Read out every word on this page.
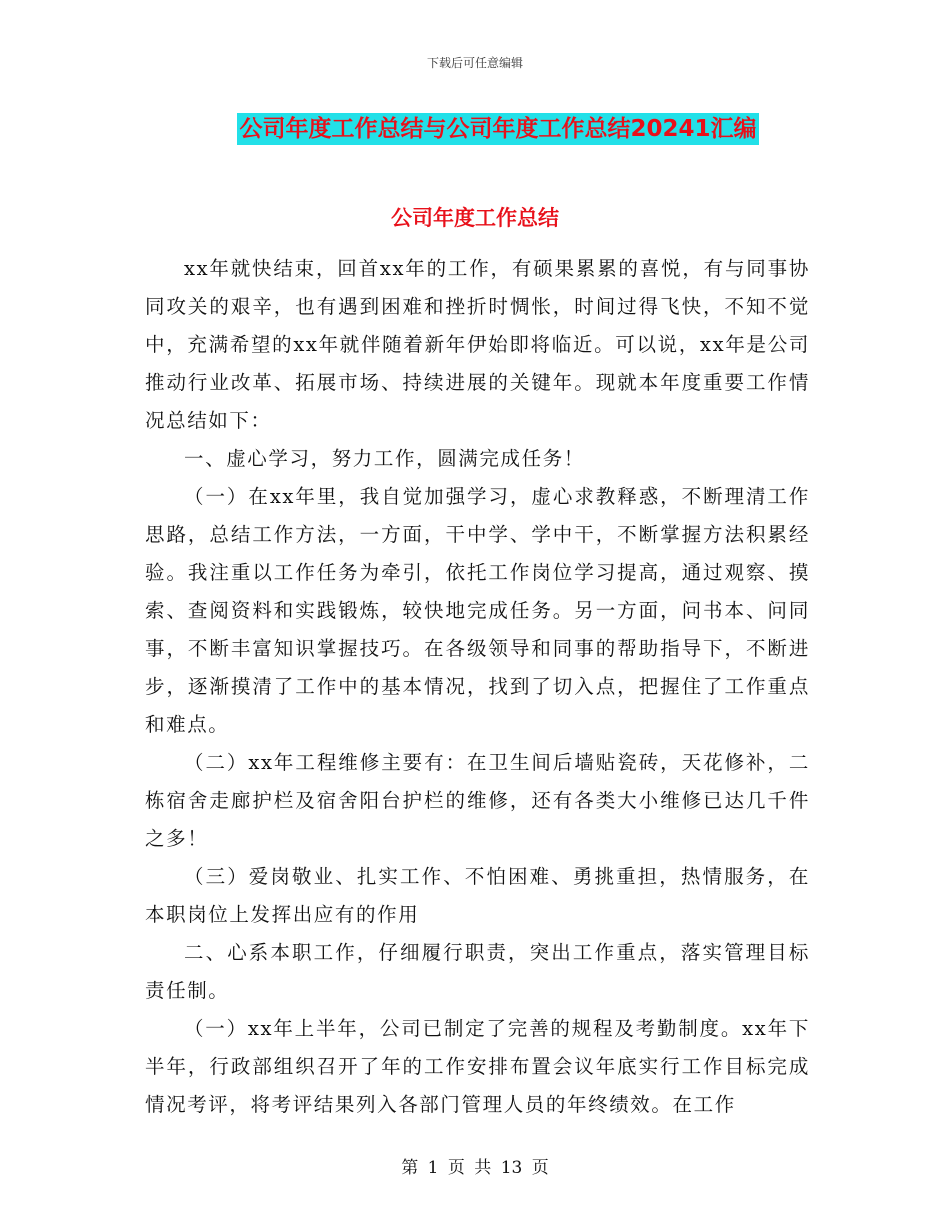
下载后可任意编辑
公司年度工作总结与公司年度工作总结20241汇编
公司年度工作总结

xx年就快结束，回首xx年的工作，有硕果累累的喜悦，有与同事协同攻关的艰辛，也有遇到困难和挫折时惆怅，时间过得飞快，不知不觉中，充满希望的xx年就伴随着新年伊始即将临近。可以说，xx年是公司推动行业改革、拓展市场、持续进展的关键年。现就本年度重要工作情况总结如下：

一、虚心学习，努力工作，圆满完成任务！

（一）在xx年里，我自觉加强学习，虚心求教释惑，不断理清工作思路，总结工作方法，一方面，干中学、学中干，不断掌握方法积累经验。我注重以工作任务为牵引，依托工作岗位学习提高，通过观察、摸索、查阅资料和实践锻炼，较快地完成任务。另一方面，问书本、问同事，不断丰富知识掌握技巧。在各级领导和同事的帮助指导下，不断进步，逐渐摸清了工作中的基本情况，找到了切入点，把握住了工作重点和难点。

（二）xx年工程维修主要有：在卫生间后墙贴瓷砖，天花修补，二栋宿舍走廊护栏及宿舍阳台护栏的维修，还有各类大小维修已达几千件之多！

（三）爱岗敬业、扎实工作、不怕困难、勇挑重担，热情服务，在本职岗位上发挥出应有的作用

二、心系本职工作，仔细履行职责，突出工作重点，落实管理目标责任制。

（一）xx年上半年，公司已制定了完善的规程及考勤制度。xx年下半年，行政部组织召开了年的工作安排布置会议年底实行工作目标完成情况考评，将考评结果列入各部门管理人员的年终绩效。在工作

第 1 页 共 13 页
